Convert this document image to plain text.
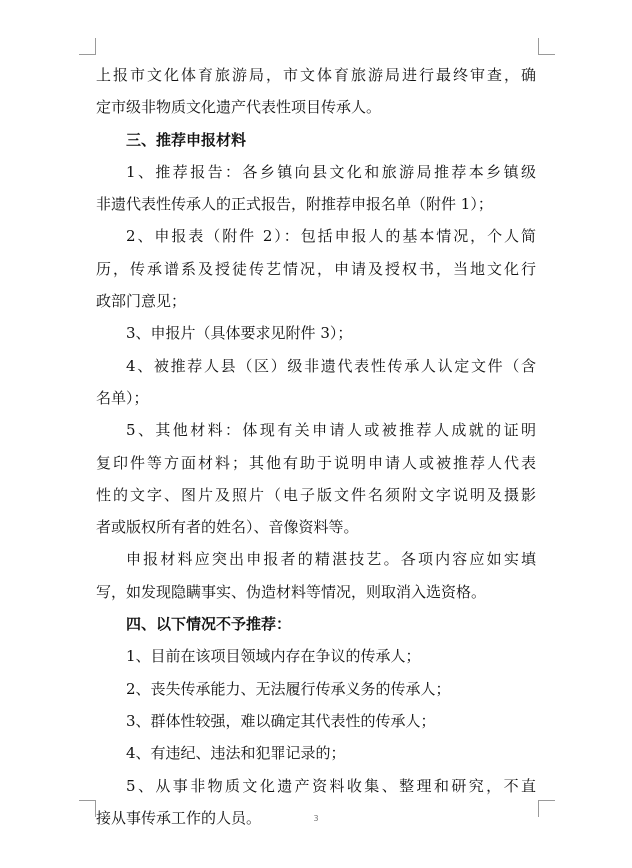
上报市文化体育旅游局，市文体育旅游局进行最终审查，确
定市级非物质文化遗产代表性项目传承人。
三、推荐申报材料
1、推荐报告：各乡镇向县文化和旅游局推荐本乡镇级
非遗代表性传承人的正式报告，附推荐申报名单（附件 1）；
2、申报表（附件 2）：包括申报人的基本情况，个人简
历，传承谱系及授徒传艺情况，申请及授权书，当地文化行
政部门意见；
3、申报片（具体要求见附件 3）；
4、被推荐人县（区）级非遗代表性传承人认定文件（含
名单）；
5、其他材料：体现有关申请人或被推荐人成就的证明
复印件等方面材料；其他有助于说明申请人或被推荐人代表
性的文字、图片及照片（电子版文件名须附文字说明及摄影
者或版权所有者的姓名）、音像资料等。
申报材料应突出申报者的精湛技艺。各项内容应如实填
写，如发现隐瞒事实、伪造材料等情况，则取消入选资格。
四、以下情况不予推荐：
1、目前在该项目领域内存在争议的传承人；
2、丧失传承能力、无法履行传承义务的传承人；
3、群体性较强，难以确定其代表性的传承人；
4、有违纪、违法和犯罪记录的；
5、从事非物质文化遗产资料收集、整理和研究，不直
接从事传承工作的人员。	3
